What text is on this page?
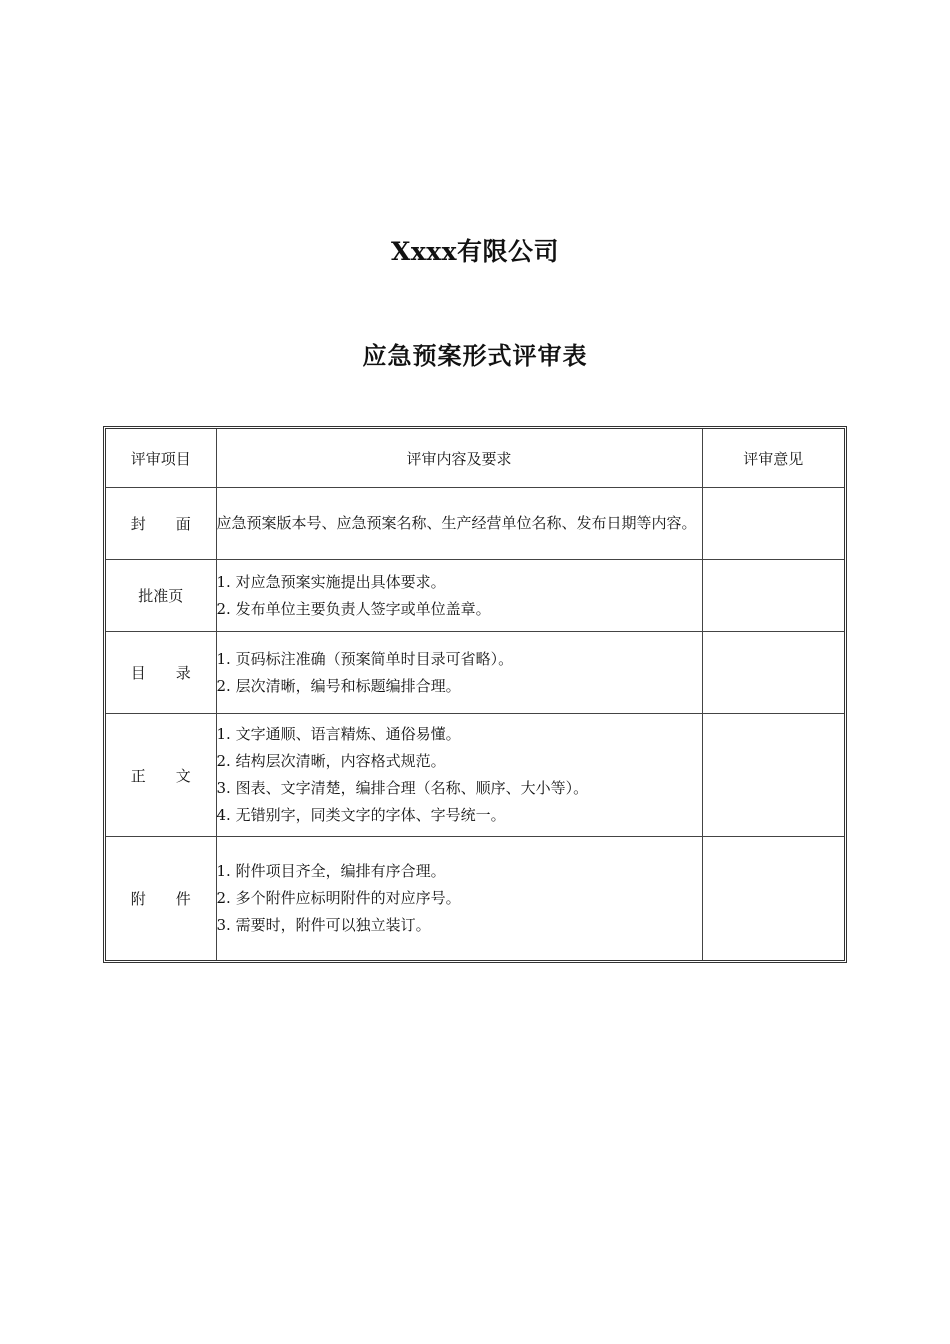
Xxxx有限公司
应急预案形式评审表
评审项目	评审内容及要求	评审意见
封　　面	应急预案版本号、应急预案名称、生产经营单位名称、发布日期等内容。	

批准页	1. 对应急预案实施提出具体要求。
2. 发布单位主要负责人签字或单位盖章。	

目　　录	1. 页码标注准确（预案简单时目录可省略）。
2. 层次清晰，编号和标题编排合理。	

正　　文	1. 文字通顺、语言精炼、通俗易懂。
2. 结构层次清晰，内容格式规范。
3. 图表、文字清楚，编排合理（名称、顺序、大小等）。
4. 无错别字，同类文字的字体、字号统一。	

附　　件	1. 附件项目齐全，编排有序合理。
2. 多个附件应标明附件的对应序号。
3. 需要时，附件可以独立装订。	
